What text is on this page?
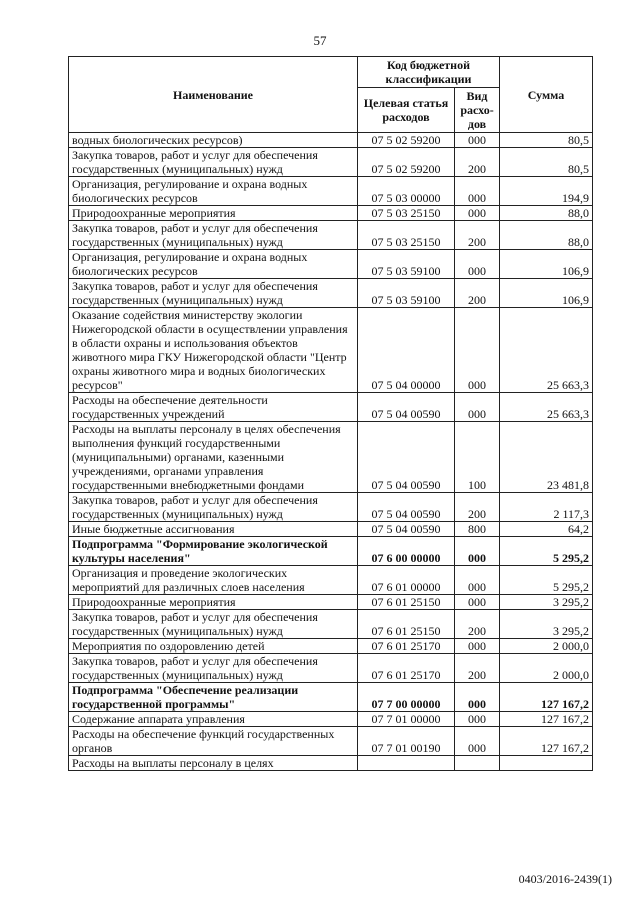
57
Наименование	Код бюджетной классификации		Сумма
	Целевая статья расходов	Вид расхо-дов	
водных биологических ресурсов)	07 5 02 59200	000	80,5
Закупка товаров, работ и услуг для обеспечения государственных (муниципальных) нужд	07 5 02 59200	200	80,5
Организация, регулирование и охрана водных биологических ресурсов	07 5 03 00000	000	194,9
Природоохранные мероприятия	07 5 03 25150	000	88,0
Закупка товаров, работ и услуг для обеспечения государственных (муниципальных) нужд	07 5 03 25150	200	88,0
Организация, регулирование и охрана водных биологических ресурсов	07 5 03 59100	000	106,9
Закупка товаров, работ и услуг для обеспечения государственных (муниципальных) нужд	07 5 03 59100	200	106,9
Оказание содействия министерству экологии Нижегородской области в осуществлении управления в области охраны и использования объектов животного мира ГКУ Нижегородской области "Центр охраны животного мира и водных биологических ресурсов"	07 5 04 00000	000	25 663,3
Расходы на обеспечение деятельности государственных учреждений	07 5 04 00590	000	25 663,3
Расходы на выплаты персоналу в целях обеспечения выполнения функций государственными (муниципальными) органами, казенными учреждениями, органами управления государственными внебюджетными фондами	07 5 04 00590	100	23 481,8
Закупка товаров, работ и услуг для обеспечения государственных (муниципальных) нужд	07 5 04 00590	200	2 117,3
Иные бюджетные ассигнования	07 5 04 00590	800	64,2
Подпрограмма "Формирование экологической культуры населения"	07 6 00 00000	000	5 295,2
Организация и проведение экологических мероприятий для различных слоев населения	07 6 01 00000	000	5 295,2
Природоохранные мероприятия	07 6 01 25150	000	3 295,2
Закупка товаров, работ и услуг для обеспечения государственных (муниципальных) нужд	07 6 01 25150	200	3 295,2
Мероприятия по оздоровлению детей	07 6 01 25170	000	2 000,0
Закупка товаров, работ и услуг для обеспечения государственных (муниципальных) нужд	07 6 01 25170	200	2 000,0
Подпрограмма "Обеспечение реализации государственной программы"	07 7 00 00000	000	127 167,2
Содержание аппарата управления	07 7 01 00000	000	127 167,2
Расходы на обеспечение функций государственных органов	07 7 01 00190	000	127 167,2
Расходы на выплаты персоналу в целях			
0403/2016-2439(1)
